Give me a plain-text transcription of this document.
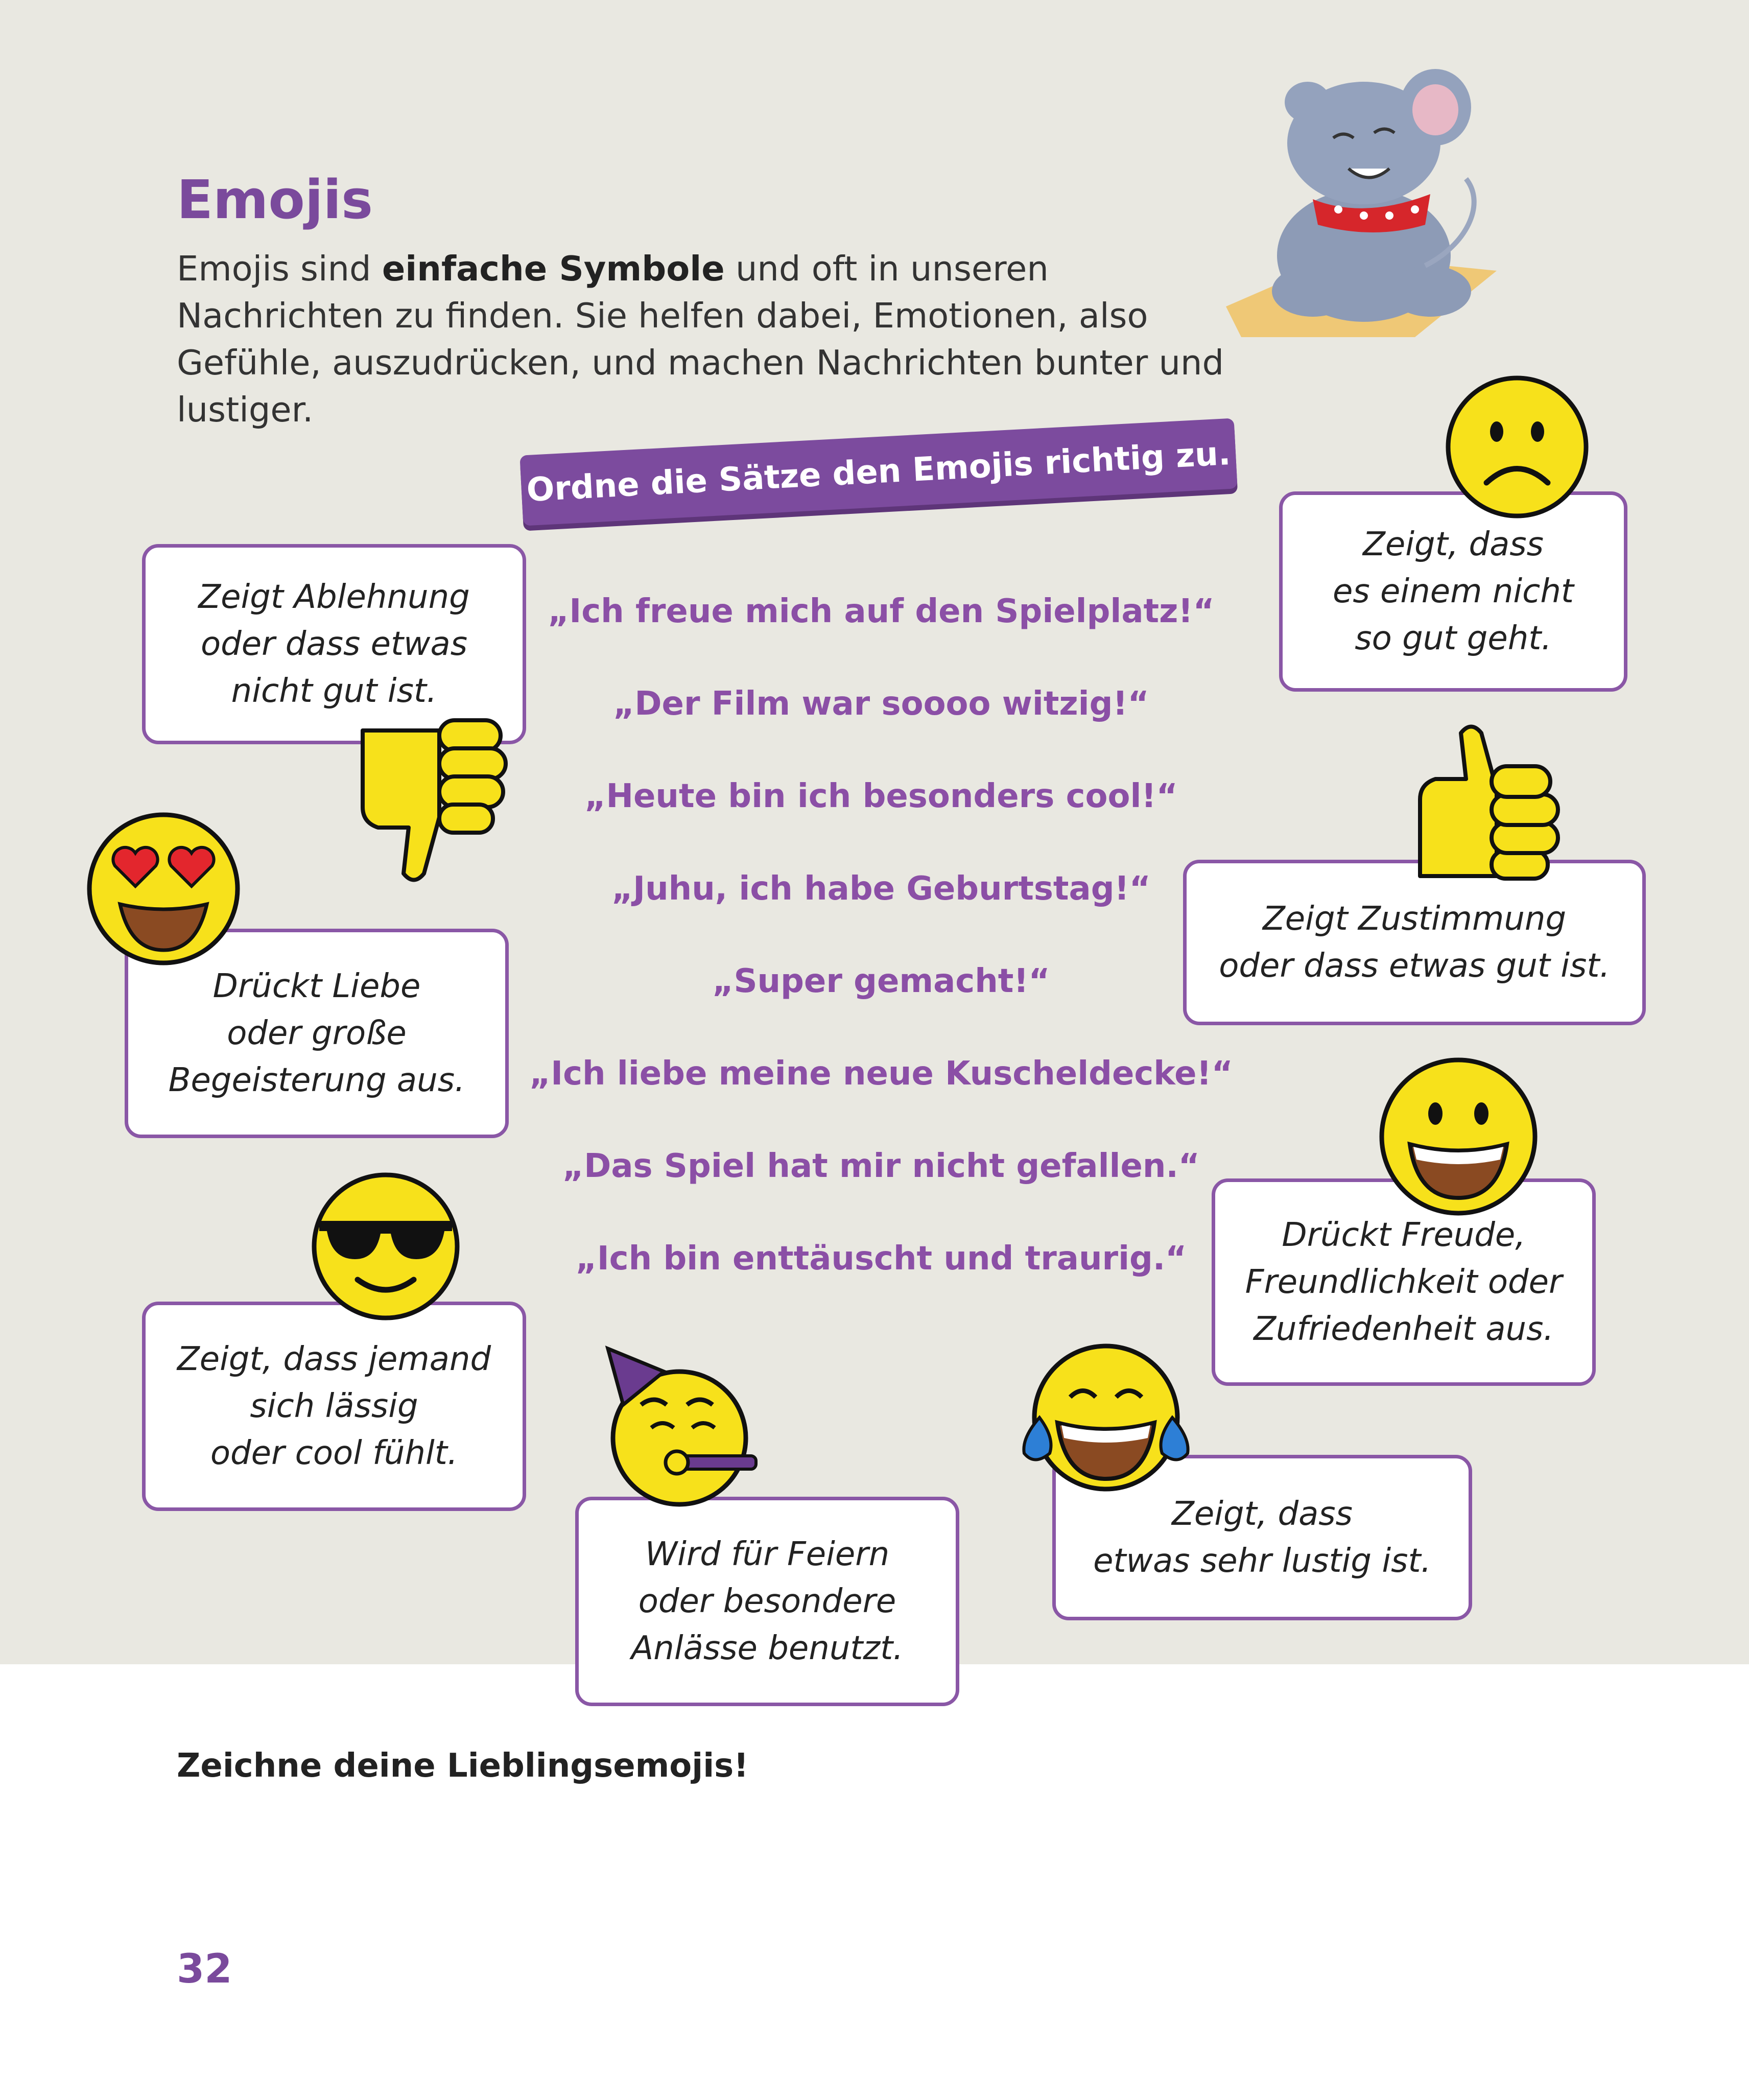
Emojis

Emojis sind einfache Symbole und oft in unseren Nachrichten zu finden. Sie helfen dabei, Emotionen, also Gefühle, auszudrücken, und machen Nachrichten bunter und lustiger.

Ordne die Sätze den Emojis richtig zu.
„Ich freue mich auf den Spielplatz!“
„Der Film war soooo witzig!“
„Heute bin ich besonders cool!“
„Juhu, ich habe Geburtstag!“
„Super gemacht!“
„Ich liebe meine neue Kuscheldecke!“
„Das Spiel hat mir nicht gefallen.“
„Ich bin enttäuscht und traurig.“
Zeigt Ablehnung
oder dass etwas
nicht gut ist.
Zeigt, dass
es einem nicht
so gut geht.
Drückt Liebe
oder große
Begeisterung aus.
Zeigt Zustimmung
oder dass etwas gut ist.
Drückt Freude,
Freundlichkeit oder
Zufriedenheit aus.
Zeigt, dass jemand
sich lässig
oder cool fühlt.
Wird für Feiern
oder besondere
Anlässe benutzt.
Zeigt, dass
etwas sehr lustig ist.

Zeichne deine Lieblingsemojis!

32
